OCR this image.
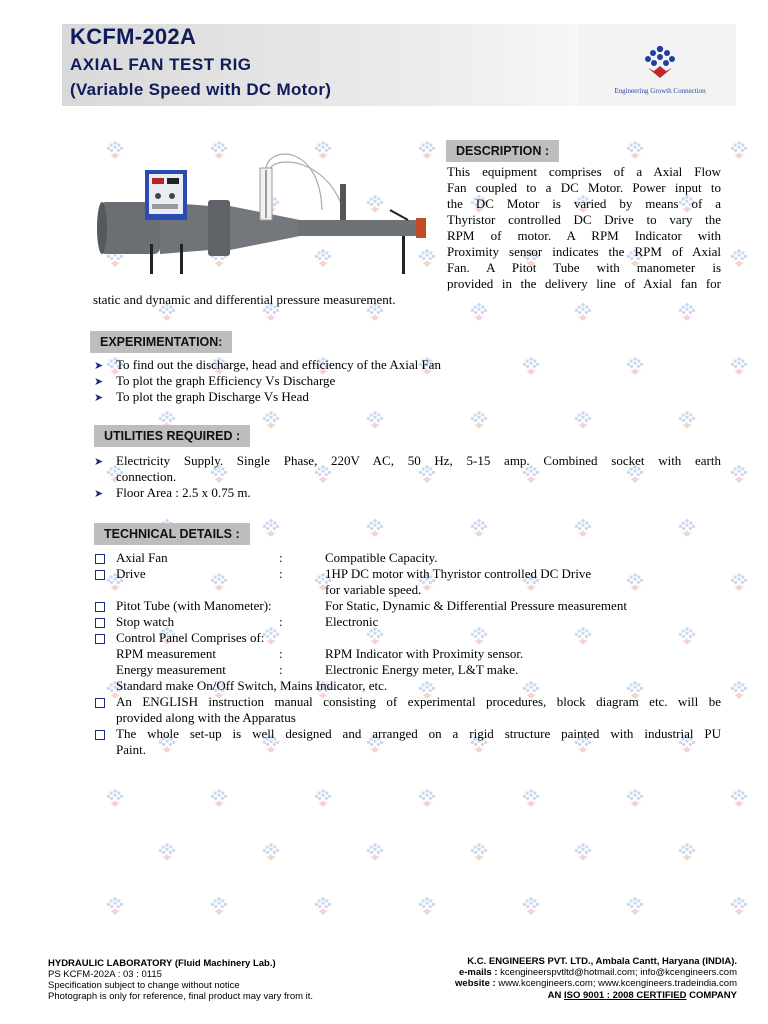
KCFM-202A
AXIAL FAN TEST RIG
(Variable Speed with DC Motor)	Engineering Growth Connection
DESCRIPTION :
This equipment comprises of a Axial Flow
Fan coupled to a DC Motor. Power input to
the DC Motor is varied by means of a
Thyristor controlled DC Drive to vary the
RPM of motor. A RPM Indicator with
Proximity sensor indicates the RPM of Axial
Fan. A Pitot Tube with manometer is
provided in the delivery line of Axial fan for
static and dynamic and differential pressure measurement.
EXPERIMENTATION:
➤ To find out the discharge, head and efficiency of the Axial Fan
➤ To plot the graph Efficiency Vs Discharge
➤ To plot the graph Discharge Vs Head
UTILITIES REQUIRED :
➤ Electricity Supply. Single Phase, 220V AC, 50 Hz, 5-15 amp. Combined socket with earth
connection.
➤ Floor Area : 2.5 x 0.75 m.
TECHNICAL DETAILS :
Axial Fan	:	Compatible Capacity.
Drive	:	1HP DC motor with Thyristor controlled DC Drive
for variable speed.
Pitot Tube (with Manometer):	For Static, Dynamic & Differential Pressure measurement
Stop watch	:	Electronic
Control Panel Comprises of:
RPM measurement	:	RPM Indicator with Proximity sensor.
Energy measurement	:	Electronic Energy meter, L&T make.
Standard make On/Off Switch, Mains Indicator, etc.
An ENGLISH instruction manual consisting of experimental procedures, block diagram etc. will be
provided along with the Apparatus
The whole set-up is well designed and arranged on a rigid structure painted with industrial PU
Paint.
HYDRAULIC LABORATORY (Fluid Machinery Lab.)
PS KCFM-202A : 03 : 0115
Specification subject to change without notice
Photograph is only for reference, final product may vary from it.
K.C. ENGINEERS PVT. LTD., Ambala Cantt, Haryana (INDIA).
e-mails : kcengineerspvtltd@hotmail.com; info@kcengineers.com
website : www.kcengineers.com; www.kcengineers.tradeindia.com
AN ISO 9001 : 2008 CERTIFIED COMPANY
